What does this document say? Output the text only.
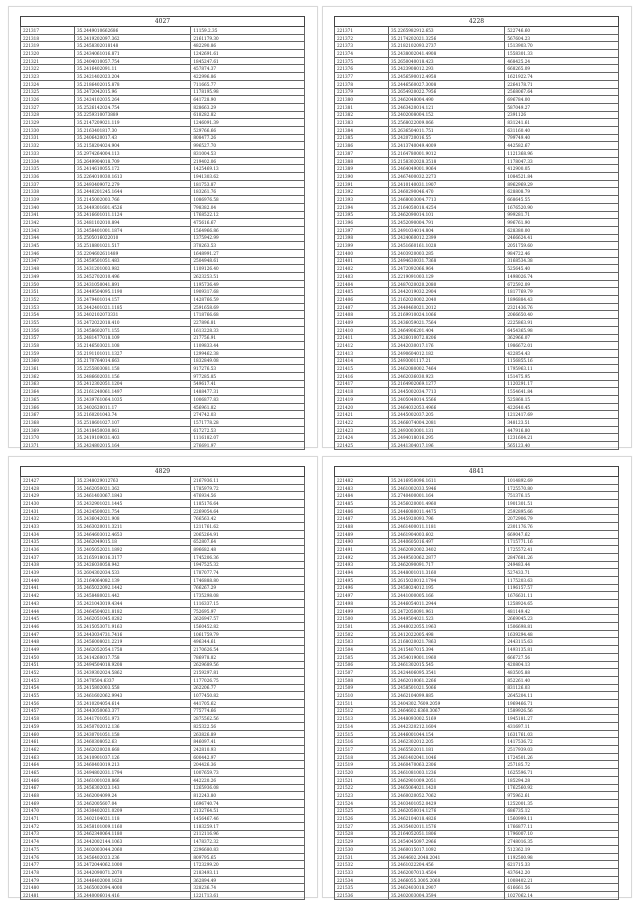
4027		
221317	35.2449010662686	11159.2.35
221318	35.2419202097.362	2161179.30
221319	35.2458302018148	482290.86
221320	35.2434061016.871	1242691.61
221321	35.2404010057.754	1845247.61
221322	35.2416402091.11	457874.37
221323	35.2421402023.204	422996.86
221324	35.2186402015.878	711665.77
221325	35.2472042015.96	1178195.98
221326	35.2424102035.264	641728.90
221327	35.2526142024.754	828663.29
221328	35.2259310073889	618282.82
221329	35.2147209021.119	1246091.39
221330	35.2163401817.30	529766.66
221331	35.2406420017.43	808477.26
221332	35.2158204024.904	996527.70
221333	35.2974264004.113	831004.53
221334	35.2649904018.709	219402.06
221335	35.2414610055.172	1425469.13
221336	35.2264010030.1613	1941303.62
221337	35.2493409072.279	181753.87
221338	35.2440201245.1644	183261.76
221339	35.2145002003.766	1086976.58
221340	35.2449301601.4526	798382.04
221341	35.2416601011.1124	1768522.12
221342	35.2481102010.894	475616.67
221343	35.2458401001.1874	1564966.86
221344	35.2505016022010	1375942.99
221345	35.2518801021.517	378263.53
221346	35.2204602611489	1648991.27
221347	35.2459501051.483	2504948.61
221348	35.2431201003.982	1109126.40
221349	35.2452702010.496	2623253.51
221350	35.2431050041.891	1195736.49
221351	35.2449504095.1190	1909317.68
221352	35.2479401014.157	1428766.59
221353	35.2442401021.1185	2591658.69
221354	35.2402102073331	1718766.68
221355	35.2472022018.410	227896.81
221356	35.2458602071.155	1613228.33
221357	35.2481477018.109	217756.91
221358	35.2146503021.108	1109833.44
221359	35.2191101011.1327	1299462.38
221360	35.2170764014.663	1832849.08
221361	35.2255803081.158	917276.53
221362	35.2486602031.156	977285.85
221363	35.2412302051.1204	549617.41
221364	35.2161240061.1497	1488477.31
221365	35.2439761064.1035	1006877.83
221366	35.2402620011.17	456961.82
221367	35.2160201043.74	274742.03
221368	35.2518601027.107	1571778.28
221369	35.2418450030.061	617272.53
221370	35.2419109031.403	1116182.07
221371	35.2424802015.164	276691.97
4228		
221371	35.2265982912.653	522746.60
221372	35.2174202021.3256	567604.23
221373	35.2182102093.2737	1513903.70
221374	35.2438002041.4908	1558301.33
221375	35.2650040018.423	468425.24
221376	35.2423908012.293	668265.09
221377	35.2456590012.4958	1621922.74
221378	35.2446560027.3008	2264178.71
221379	35.2654920022.7956	2568067.64
221380	35.2462048004.490	696784.00
221381	35.2463420014.121	587049.27
221382	35.2402008004.152	2391126
221383	35.2568022009.066	831241.61
221384	35.2636504011.751	631160.40
221385	35.2420720016.55	799749.40
221386	35.2413740049.4009	442582.67
221387	35.2164780001.9012	1121368.96
221388	35.2158302028.3518	1178047.33
221389	35.2464049001.9064	412900.05
221390	35.2467400032.2273	1084521.84
221391	35.2410140031.1907	8962969.29
221392	35.2460290046.470	628808.79
221393	35.2468003004.7713	668645.55
221394	35.2164050018.4254	1676520.90
221395	35.2462090014.101	999281.71
221396	35.2452090004.791	996761.90
221397	35.2491034014.804	628380.00
221398	35.2424060012.2399	2466624.41
221399	35.2451660161.1028	2051759.60
221400	35.2403920003.285	984722.46
221401	35.2494630031.7368	3168534.38
221402	35.2472092066.964	525645.40
221403	35.2219091003.129	1498026.74
221404	35.2487020020.2080	672592.09
221405	35.2442019032.2904	1817769.79
221406	35.2162020002.2040	1896884.43
221407	35.2440460021.2012	2321436.76
221408	35.2169910024.1066	2066650.40
221409	35.2436059021.7564	2225863.91
221410	35.2464906201.404	6454365.98
221411	35.2426010072.8206	362966.07
221412	35.2442030017.176	1986672.01
221413	35.2490604012.182	422854.43
221414	35.2493001117.21	1156855.16
221415	35.2462080002.7464	1795963.11
221416	35.2462036030.923	151475.95
221417	35.2164902069.1277	1120291.17
221418	35.2445002034.7713	1554641.84
221419	35.2405040014.5566	525868.15
221420	35.2464032053.4966	422640.45
221421	35.2445002037.205	1212417.69
221422	35.2466074004.2081	348123.51
221423	35.2493003001.131	447916.80
221424	35.2494018016.295	1231604.21
221425	35.2441304017.196	565123.40
4829		
221427	35.2348029012763	2167936.11
221428	35.2462050021.362	1785979.72
221429	35.2461403067.1843	476934.56
221430	35.2432901021.1445	1185176.64
221431	35.2424500021.754	2269054.64
221432	35.2436042021.908	766563.42
221433	35.2463020011.3211	1211761.62
221434	35.2464603012.4653	2065264.91
221435	35.2462049015.18	652807.64
221436	35.2405052021.1892	896682.48
221437	35.2165918016.3177	1745206.36
221438	35.2426030058.942	1947525.32
221439	35.2604302034.533	1787077.74
221440	35.2164064082.139	1746888.80
221441	35.2465022092.1442	766267.29
221442	35.2458480021.442	1735298.08
221443	35.2421043019.4344	1116337.15
221444	35.2464504021.8182	752695.97
221445	35.2462051045.0282	2626947.57
221446	35.2415053071.9163	1560452.82
221447	35.2443034731.7416	1061759.79
221448	35.2456008021.2219	496344.61
221449	35.2462052054.1758	2170626.54
221450	35.2414260017.758	786978.82
221451	35.2494504018.9208	2629689.56
221452	35.2439302024.5862	2159297.81
221453	35.2470504.6337	1177026.75
221454	35.2415802003.558	262206.77
221455	35.2461602062.9943	1077450.82
221456	35.2410204054.614	441705.62
221457	35.2443050063.377	775774.66
221458	35.2441701051.973	2875562.56
221459	35.2450702012.136	825322.56
221460	35.2430701051.158	263826.89
221461	35.2460308052.63	846097.41
221462	35.2462020020.668	242810.93
221463	35.2410901037.126	600442.97
221464	35.2460403019.213	204426.36
221465	35.2494802031.1794	1007659.73
221466	35.2461001020.866	442220.26
221467	35.2456302023.143	1265936.08
221468	35.2462004099.24	812243.80
221469	35.2462005607.04	1696740.74
221470	35.2430402021.0209	2132764.51
221471	35.2402104021.118	1456467.46
221472	35.2458101009.1160	1183259.17
221473	35.2462340064.1180	2112116.96
221474	35.2442002144.1063	1478372.32
221475	35.2402003044.2060	2296680.83
221476	35.2456402023.236	809795.65
221477	35.2472044062.1000	1723299.20
221478	35.2442090071.2070	2183493.11
221479	35.2446402000.1620	362894.49
221480	35.2465002094.4000	328236.74
221481	35.2440006014.416	1221713.61
4841		
221482	35.2416950096.1611	1014892.69
221483	35.2461002033.5946	1725570.80
221484	35.2740400001.164	751376.15
221485	35.2456020001.4960	1901301.51
221486	35.2446080011.4475	2592895.66
221487	35.2445920093.796	2072906.79
221488	35.2461400011.1181	2301176.76
221489	35.2461904003.602	669047.62
221490	35.2440605016.497	1715771.16
221491	35.2462092002.3402	1725572.41
221492	35.2449503062.2877	2847681.26
221493	35.2462090091.717	249483.44
221494	35.2448001011.3160	527433.71
221495	35.2615020012.1794	1175203.63
221496	35.2458024012.195	1196157.57
221497	35.2441000005.166	1676631.11
221498	35.2446054011.2944	1258924.65
221499	35.2472050091.961	481149.42
221500	35.2449504021.523	2669045.23
221501	35.2448022055.1963	1506698.81
221502	35.2412022005.498	1639294.48
221503	35.2168020021.7863	2443115.63
221504	35.2415407015.394	1493135.81
221505	35.2454019001.1960	666727.56
221506	35.2461302015.545	420804.13
221507	35.2424406095.3541	483505.88
221508	35.2462010061.2266	852261.40
221509	35.2458501021.5066	831126.03
221510	35.2462104099.885	2645204.11
221511	35.2404302.7609.2059	1969466.71
221512	35.2464602.6360.3067	1589926.56
221513	35.2448093002.5169	1945181.27
221514	35.2442320212.1604	431697.11
221515	35.2446001044.154	1631761.03
221516	35.2462302012.205	1417536.72
221517	35.2465502011.181	2517939.03
221518	35.2461402041.1046	1724501.26
221519	35.2460470063.2306	257185.72
221520	35.2461081003.1236	1625596.71
221521	35.2462901009.2051	185294.28
221522	35.2465064021.1420	1762560.92
221523	35.2460020052.7062	975962.61
221524	35.2403401052.0429	1252001.35
221525	35.2462050014.1276	686735.12
221526	35.2462104018.4826	1560999.11
221527	35.2435402011.1576	1766877.11
221528	35.2164052051.1806	1796007.10
221529	35.2454045097.2966	2748016.35
221530	35.2460015017.1092	512362.19
221531	35.2464602.2048.2041	1192500.98
221532	35.2461022204.456	621715.33
221533	35.2462007013.4504	437642.20
221534	35.2466055.3005.2060	1008402.21
221535	35.2462403018.2907	616661.56
221536	35.2402003004.3594	1027062.14
